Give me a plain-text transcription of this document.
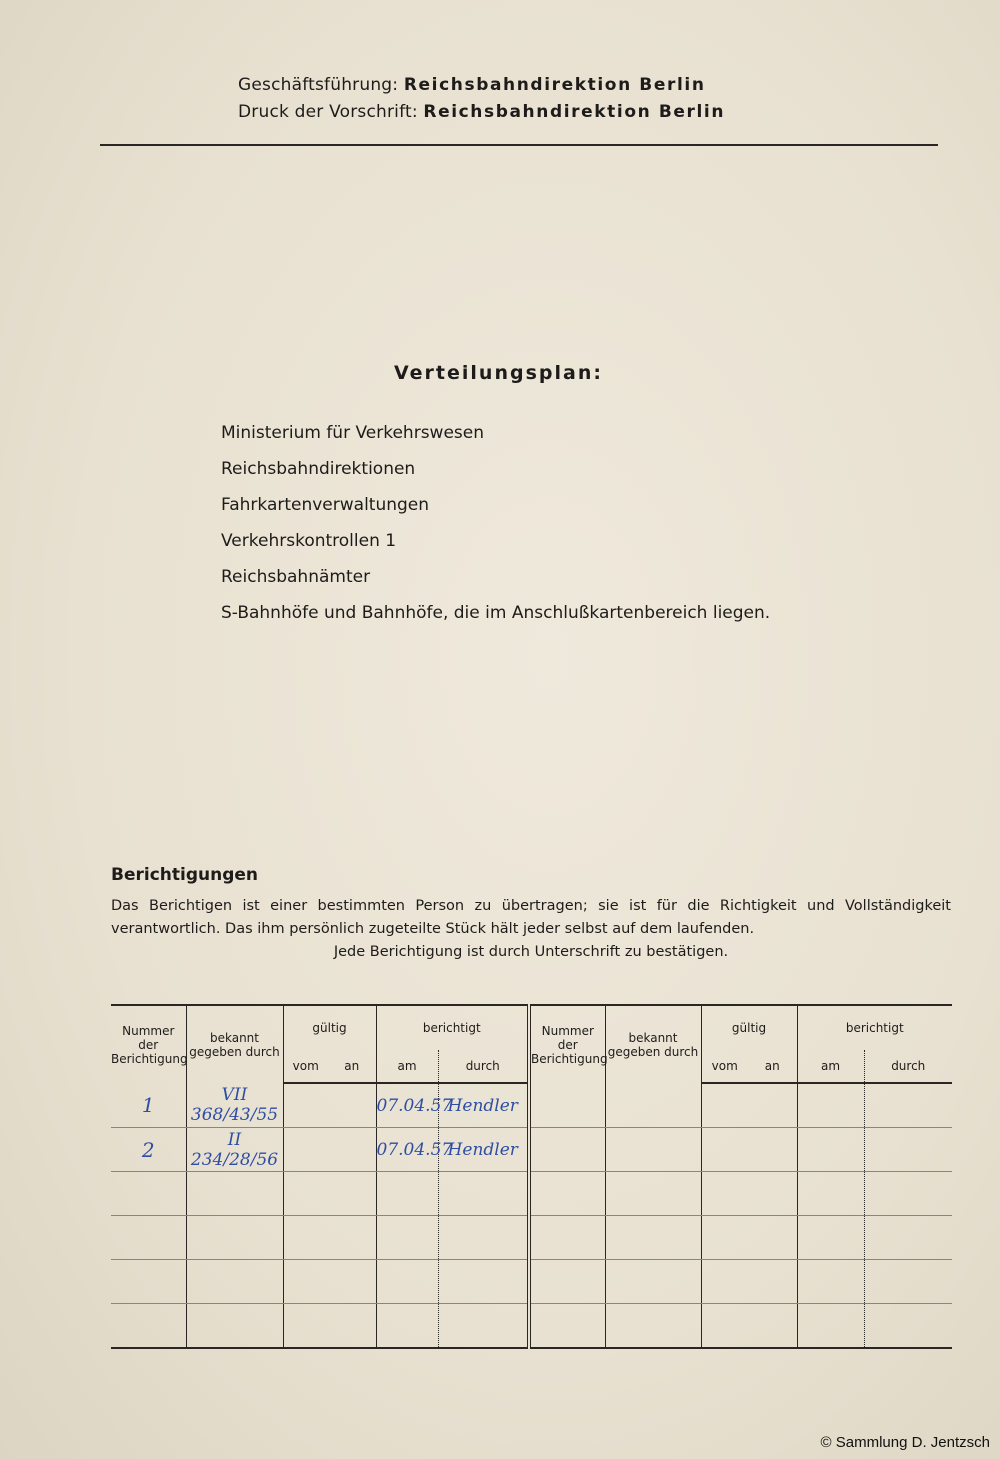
Geschäftsführung: Reichsbahndirektion Berlin
Druck der Vorschrift: Reichsbahndirektion Berlin
Verteilungsplan:
Ministerium für Verkehrswesen
Reichsbahndirektionen
Fahrkartenverwaltungen
Verkehrskontrollen 1
Reichsbahnämter
S-Bahnhöfe und Bahnhöfe, die im Anschlußkartenbereich liegen.
Berichtigungen

Das Berichtigen ist einer bestimmten Person zu übertragen; sie ist für die Richtigkeit und Vollständigkeit verantwortlich. Das ihm persönlich zugeteilte Stück hält jeder selbst auf dem laufenden.

Jede Berichtigung ist durch Unterschrift zu bestätigen.

Nummer der Berichtigung	bekannt gegeben durch	gültig		berichtigt		Nummer der Berichtigung	bekannt gegeben durch	gültig		berichtigt	
		vom	an	am	durch			vom	an	am	durch
1	VII 368/43/55			07.04.57	Hendler						
2	II 234/28/56			07.04.57	Hendler						

© Sammlung D. Jentzsch
